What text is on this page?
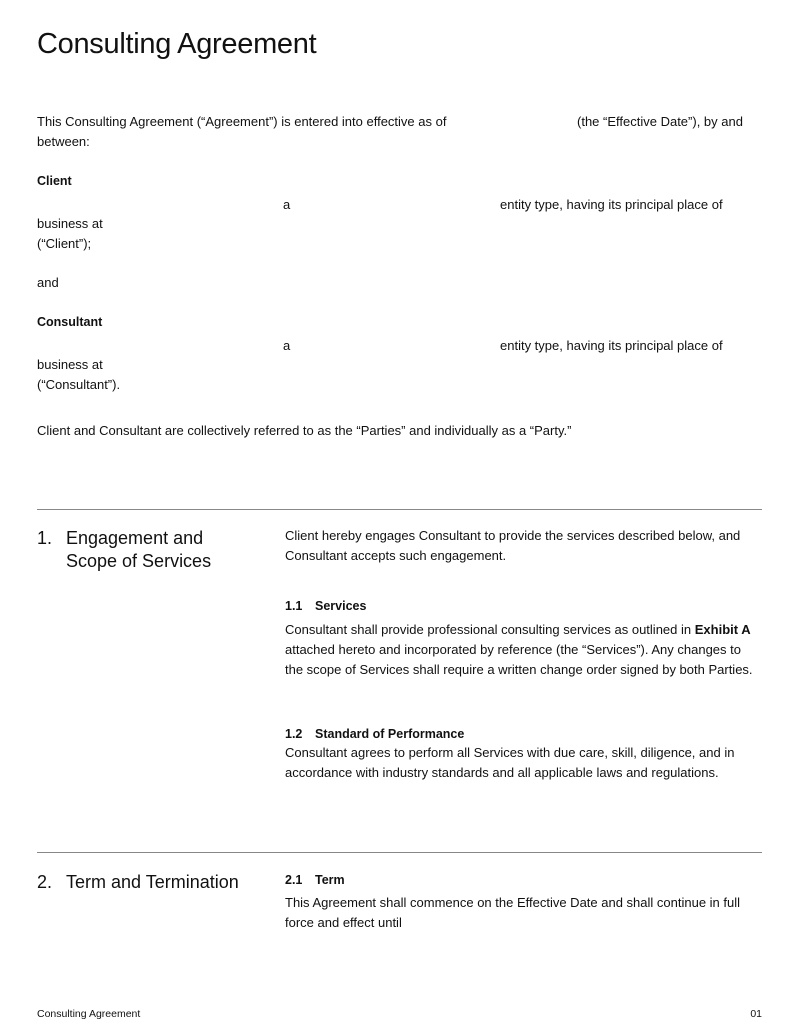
Consulting Agreement
This Consulting Agreement (“Agreement”) is entered into effective as of	(the “Effective Date”), by and
between:
Client
a	entity type, having its principal place of
business at
(“Client”);
and
Consultant
a	entity type, having its principal place of
business at
(“Consultant”).
Client and Consultant are collectively referred to as the “Parties” and individually as a “Party.”
1. Engagement and
Scope of Services
Client hereby engages Consultant to provide the services described below, and Consultant accepts such engagement.
1.1 Services
Consultant shall provide professional consulting services as outlined in Exhibit A attached hereto and incorporated by reference (the “Services”). Any changes to the scope of Services shall require a written change order signed by both Parties.
1.2 Standard of Performance
Consultant agrees to perform all Services with due care, skill, diligence, and in accordance with industry standards and all applicable laws and regulations.
2. Term and Termination	2.1 Term
This Agreement shall commence on the Effective Date and shall continue in full force and effect until
Consulting Agreement	01
